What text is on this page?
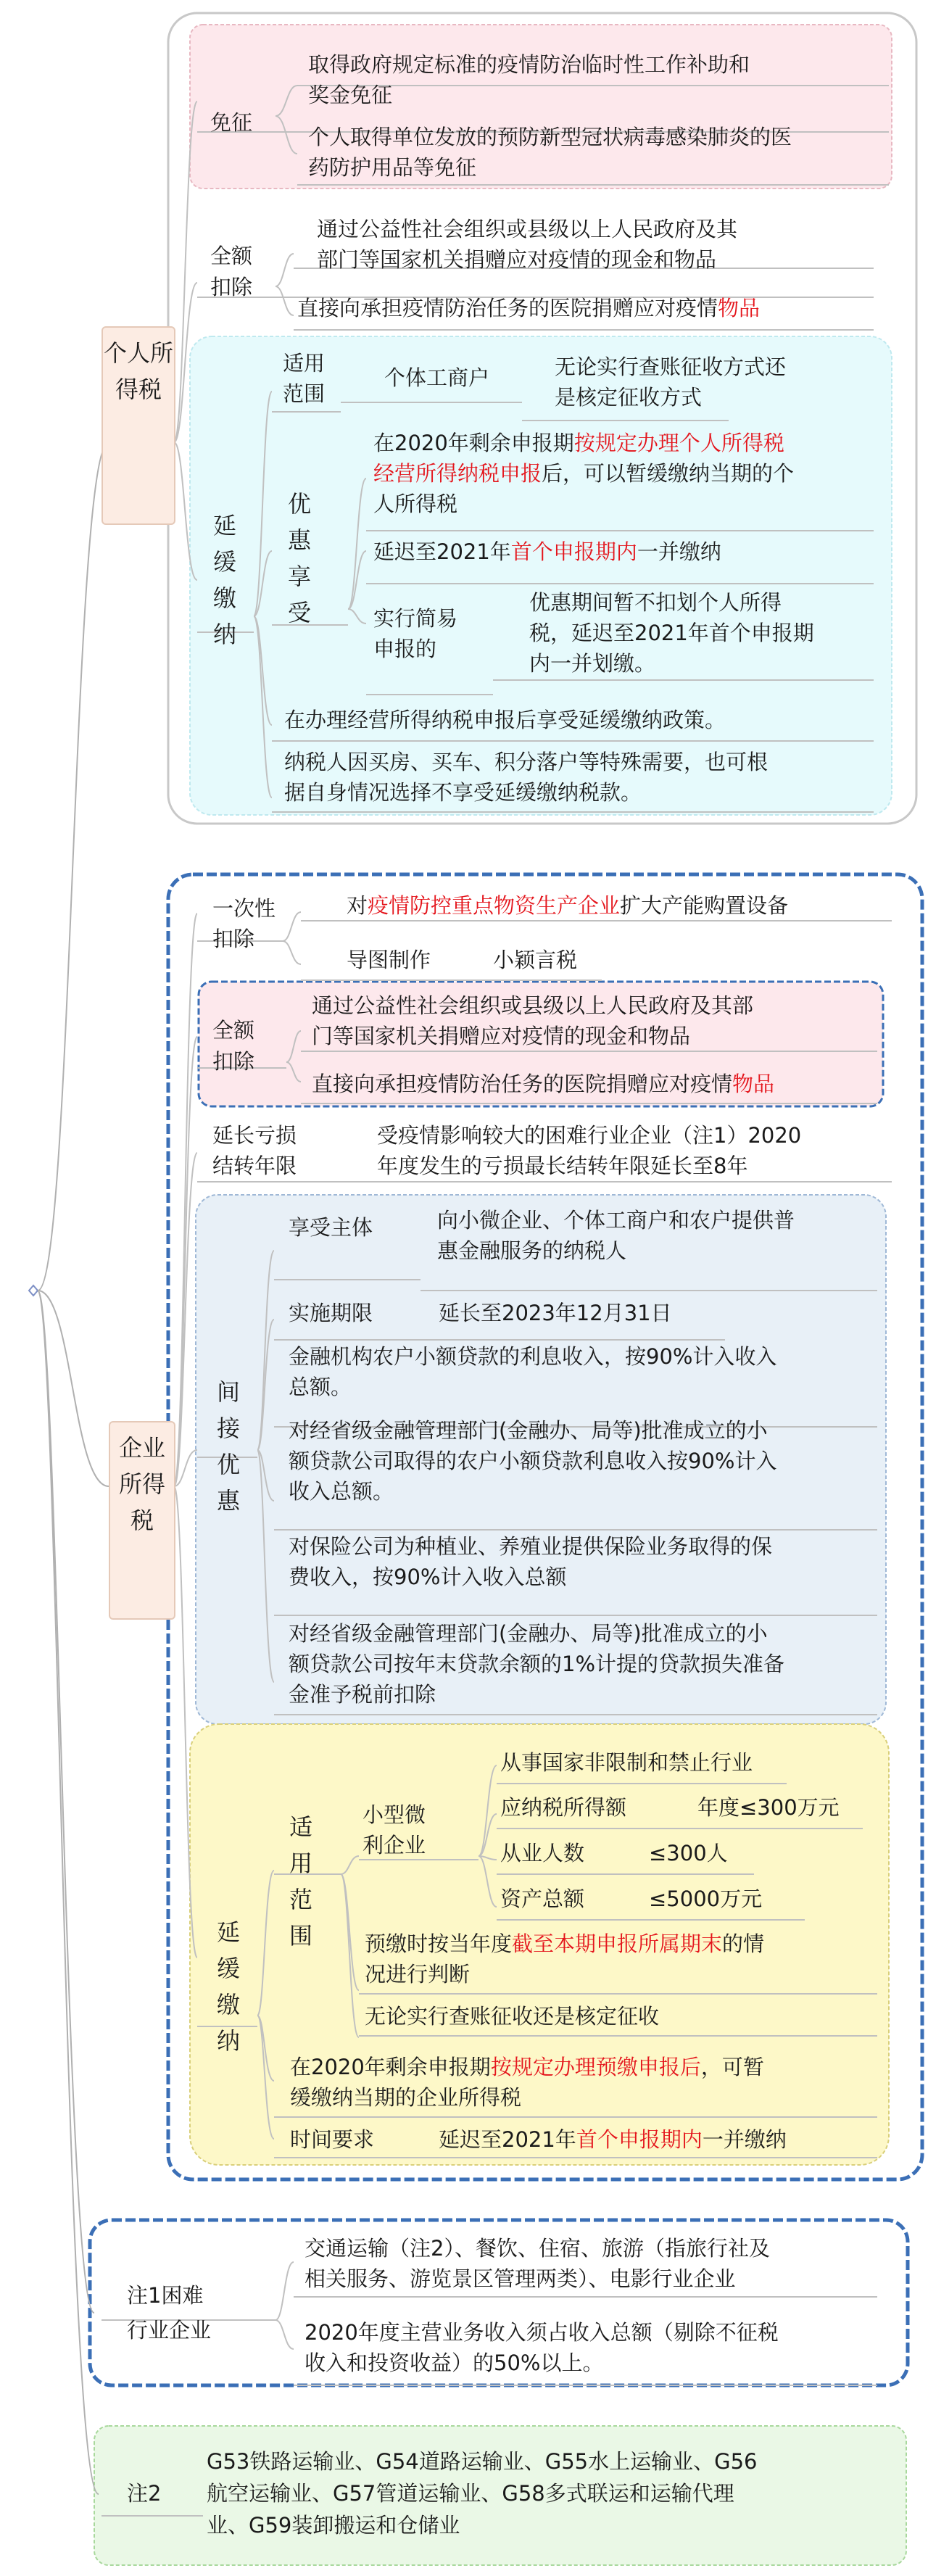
个人所得税
免征
取得政府规定标准的疫情防治临时性工作补助和
奖金免征
个人取得单位发放的预防新型冠状病毒感染肺炎的医
药防护用品等免征
全额
扣除
通过公益性社会组织或县级以上人民政府及其
部门等国家机关捐赠应对疫情的现金和物品
直接向承担疫情防治任务的医院捐赠应对疫情物品
延缓缴纳
适用
范围
个体工商户	无论实行查账征收方式还
是核定征收方式
优惠享受
在2020年剩余申报期按规定办理个人所得税
经营所得纳税申报后，可以暂缓缴纳当期的个
人所得税
延迟至2021年首个申报期内一并缴纳
实行简易
申报的
优惠期间暂不扣划个人所得
税，延迟至2021年首个申报期
内一并划缴。
在办理经营所得纳税申报后享受延缓缴纳政策。
纳税人因买房、买车、积分落户等特殊需要，也可根
据自身情况选择不享受延缓缴纳税款。
企业所得税
一次性
扣除
对疫情防控重点物资生产企业扩大产能购置设备
导图制作	小颖言税
全额
扣除
通过公益性社会组织或县级以上人民政府及其部
门等国家机关捐赠应对疫情的现金和物品
直接向承担疫情防治任务的医院捐赠应对疫情物品
延长亏损
结转年限
受疫情影响较大的困难行业企业（注1）2020
年度发生的亏损最长结转年限延长至8年
间接优惠
享受主体	向小微企业、个体工商户和农户提供普
惠金融服务的纳税人
实施期限	延长至2023年12月31日
金融机构农户小额贷款的利息收入，按90%计入收入
总额。
对经省级金融管理部门(金融办、局等)批准成立的小
额贷款公司取得的农户小额贷款利息收入按90%计入
收入总额。
对保险公司为种植业、养殖业提供保险业务取得的保
费收入，按90%计入收入总额
对经省级金融管理部门(金融办、局等)批准成立的小
额贷款公司按年末贷款余额的1%计提的贷款损失准备
金准予税前扣除
延缓缴纳
适用范围
小型微
利企业
从事国家非限制和禁止行业
应纳税所得额	年度≤300万元
从业人数	≤300人
资产总额	≤5000万元
预缴时按当年度截至本期申报所属期末的情
况进行判断
无论实行查账征收还是核定征收
在2020年剩余申报期按规定办理预缴申报后，可暂
缓缴纳当期的企业所得税
时间要求	延迟至2021年首个申报期内一并缴纳
注1困难
行业企业
交通运输（注2）、餐饮、住宿、旅游（指旅行社及
相关服务、游览景区管理两类）、电影行业企业
2020年度主营业务收入须占收入总额（剔除不征税
收入和投资收益）的50%以上。
注2
G53铁路运输业、G54道路运输业、G55水上运输业、G56
航空运输业、G57管道运输业、G58多式联运和运输代理
业、G59装卸搬运和仓储业
